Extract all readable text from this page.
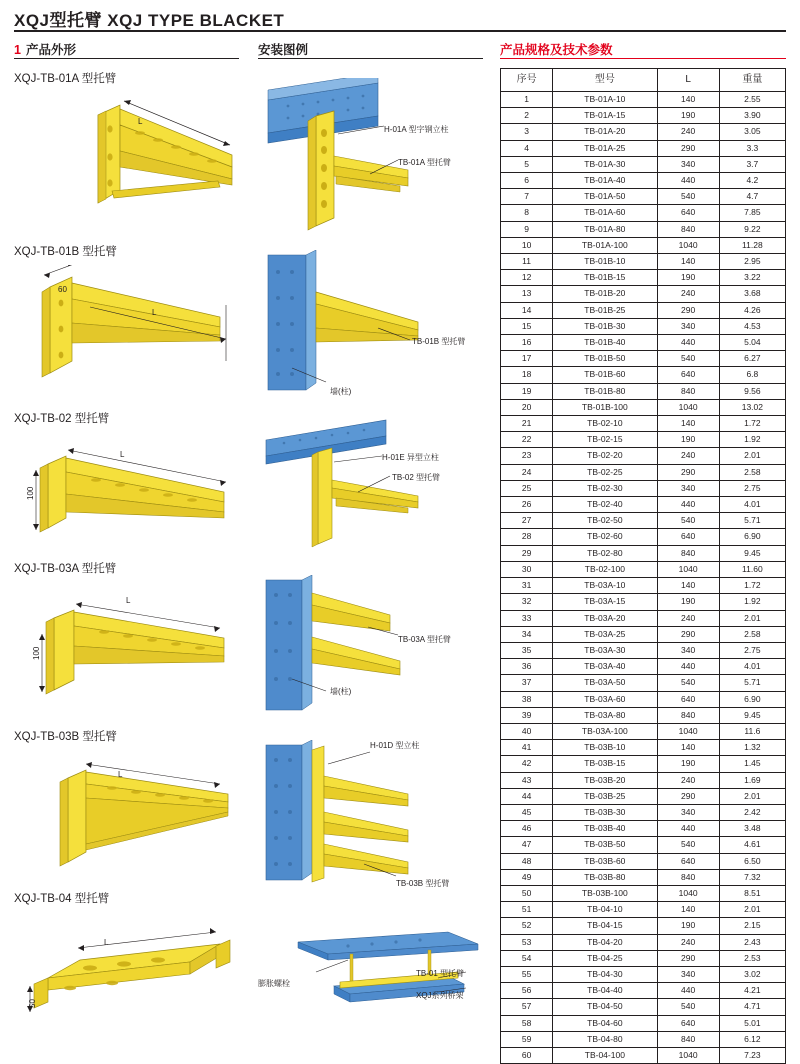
XQJ型托臂 XQJ TYPE BLACKET
1 产品外形	安装图例	产品规格及技术参数
XQJ-TB-01A 型托臂
XQJ-TB-01B 型托臂
XQJ-TB-02 型托臂
XQJ-TB-03A 型托臂
XQJ-TB-03B 型托臂
XQJ-TB-04 型托臂
L
H-01A 型字钢立柱
TB-01A 型托臂
60
L
TB-01B 型托臂
墙(柱)
L
100
H-01E 异型立柱
TB-02 型托臂
L
100
TB-03A 型托臂
墙(柱)
L
H-01D 型立柱
TB-03B 型托臂
L
50
膨胀螺栓
TB-01 型托臂
XQJ系列桥架
序号	型号	L	重量
1	TB-01A-10	140	2.55
2	TB-01A-15	190	3.90
3	TB-01A-20	240	3.05
4	TB-01A-25	290	3.3
5	TB-01A-30	340	3.7
6	TB-01A-40	440	4.2
7	TB-01A-50	540	4.7
8	TB-01A-60	640	7.85
9	TB-01A-80	840	9.22
10	TB-01A-100	1040	11.28
11	TB-01B-10	140	2.95
12	TB-01B-15	190	3.22
13	TB-01B-20	240	3.68
14	TB-01B-25	290	4.26
15	TB-01B-30	340	4.53
16	TB-01B-40	440	5.04
17	TB-01B-50	540	6.27
18	TB-01B-60	640	6.8
19	TB-01B-80	840	9.56
20	TB-01B-100	1040	13.02
21	TB-02-10	140	1.72
22	TB-02-15	190	1.92
23	TB-02-20	240	2.01
24	TB-02-25	290	2.58
25	TB-02-30	340	2.75
26	TB-02-40	440	4.01
27	TB-02-50	540	5.71
28	TB-02-60	640	6.90
29	TB-02-80	840	9.45
30	TB-02-100	1040	11.60
31	TB-03A-10	140	1.72
32	TB-03A-15	190	1.92
33	TB-03A-20	240	2.01
34	TB-03A-25	290	2.58
35	TB-03A-30	340	2.75
36	TB-03A-40	440	4.01
37	TB-03A-50	540	5.71
38	TB-03A-60	640	6.90
39	TB-03A-80	840	9.45
40	TB-03A-100	1040	11.6
41	TB-03B-10	140	1.32
42	TB-03B-15	190	1.45
43	TB-03B-20	240	1.69
44	TB-03B-25	290	2.01
45	TB-03B-30	340	2.42
46	TB-03B-40	440	3.48
47	TB-03B-50	540	4.61
48	TB-03B-60	640	6.50
49	TB-03B-80	840	7.32
50	TB-03B-100	1040	8.51
51	TB-04-10	140	2.01
52	TB-04-15	190	2.15
53	TB-04-20	240	2.43
54	TB-04-25	290	2.53
55	TB-04-30	340	3.02
56	TB-04-40	440	4.21
57	TB-04-50	540	4.71
58	TB-04-60	640	5.01
59	TB-04-80	840	6.12
60	TB-04-100	1040	7.23
